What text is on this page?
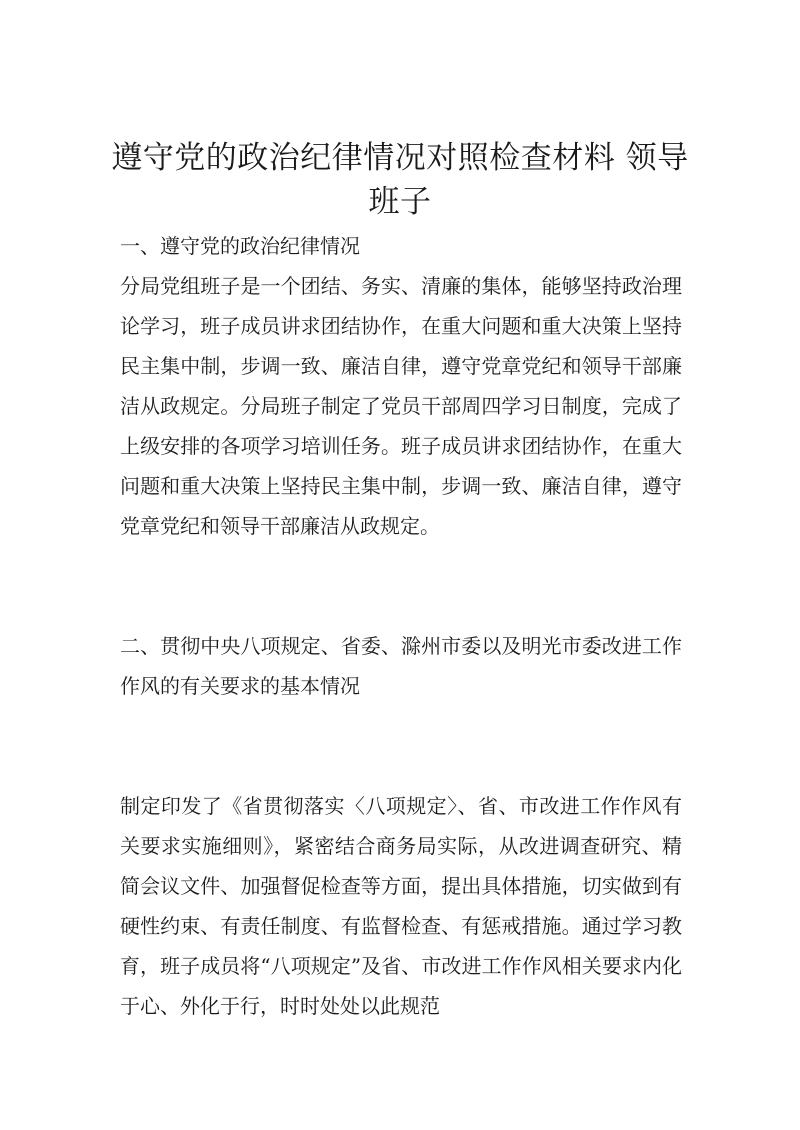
遵守党的政治纪律情况对照检查材料 领导班子

一、遵守党的政治纪律情况

分局党组班子是一个团结、务实、清廉的集体，能够坚持政治理论学习，班子成员讲求团结协作，在重大问题和重大决策上坚持民主集中制，步调一致、廉洁自律，遵守党章党纪和领导干部廉洁从政规定。分局班子制定了党员干部周四学习日制度，完成了上级安排的各项学习培训任务。班子成员讲求团结协作，在重大问题和重大决策上坚持民主集中制，步调一致、廉洁自律，遵守党章党纪和领导干部廉洁从政规定。

二、贯彻中央八项规定、省委、滁州市委以及明光市委改进工作作风的有关要求的基本情况

制定印发了《省贯彻落实〈八项规定〉、省、市改进工作作风有关要求实施细则》，紧密结合商务局实际，从改进调查研究、精简会议文件、加强督促检查等方面，提出具体措施，切实做到有硬性约束、有责任制度、有监督检查、有惩戒措施。通过学习教育，班子成员将“八项规定”及省、市改进工作作风相关要求内化于心、外化于行，时时处处以此规范
